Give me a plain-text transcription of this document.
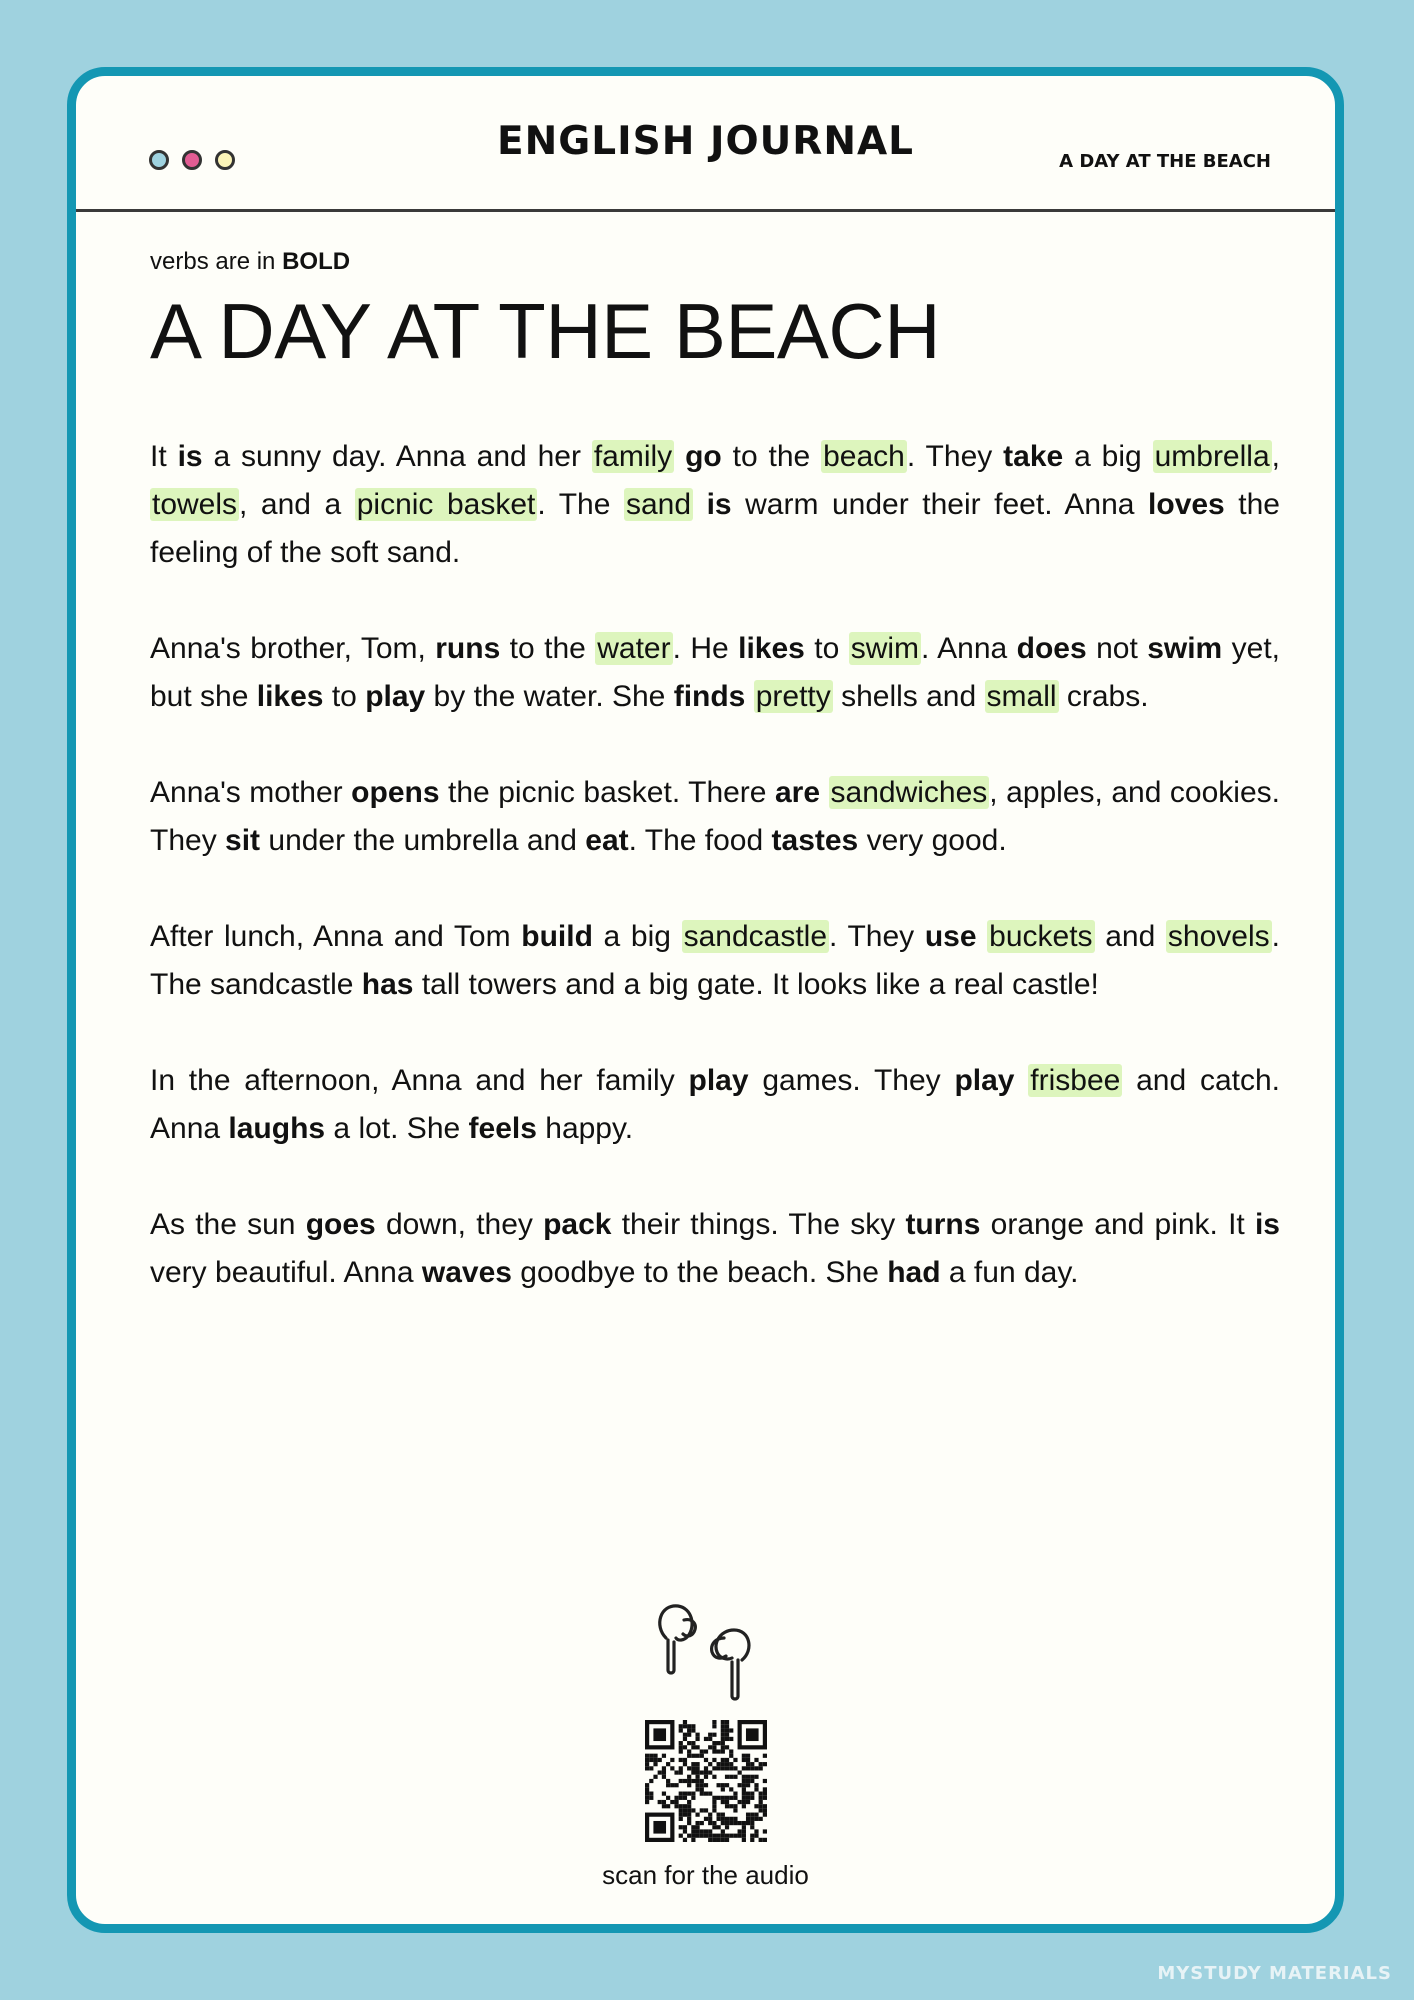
ENGLISH JOURNAL	A DAY AT THE BEACH
verbs are in BOLD
A DAY AT THE BEACH

It is a sunny day. Anna and her family go to the beach. They take a big umbrella, towels, and a picnic basket. The sand is warm under their feet. Anna loves the feeling of the soft sand.

Anna's brother, Tom, runs to the water. He likes to swim. Anna does not swim yet, but she likes to play by the water. She finds pretty shells and small crabs.

Anna's mother opens the picnic basket. There are sandwiches, apples, and cookies. They sit under the umbrella and eat. The food tastes very good.

After lunch, Anna and Tom build a big sandcastle. They use buckets and shovels. The sandcastle has tall towers and a big gate. It looks like a real castle!

In the afternoon, Anna and her family play games. They play frisbee and catch. Anna laughs a lot. She feels happy.

As the sun goes down, they pack their things. The sky turns orange and pink. It is very beautiful. Anna waves goodbye to the beach. She had a fun day.

scan for the audio
MYSTUDY MATERIALS
